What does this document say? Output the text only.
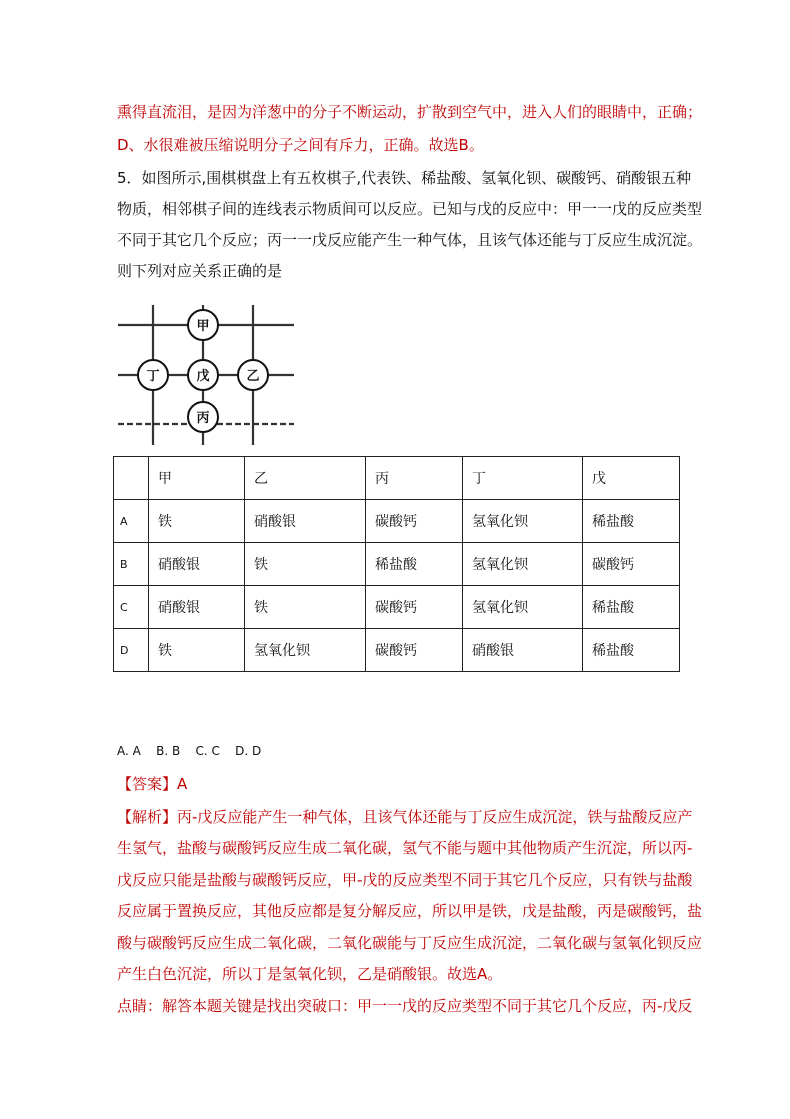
熏得直流泪，是因为洋葱中的分子不断运动，扩散到空气中，进入人们的眼睛中，正确；
D、水很难被压缩说明分子之间有斥力，正确。故选B。
5．如图所示,围棋棋盘上有五枚棋子,代表铁、稀盐酸、氢氧化钡、碳酸钙、硝酸银五种
物质，相邻棋子间的连线表示物质间可以反应。已知与戊的反应中：甲一一戊的反应类型
不同于其它几个反应；丙一一戊反应能产生一种气体，且该气体还能与丁反应生成沉淀。
则下列对应关系正确的是
甲
丁	戊	乙
丙
	甲	乙	丙	丁	戊
A	铁	硝酸银	碳酸钙	氢氧化钡	稀盐酸
B	硝酸银	铁	稀盐酸	氢氧化钡	碳酸钙
C	硝酸银	铁	碳酸钙	氢氧化钡	稀盐酸
D	铁	氢氧化钡	碳酸钙	硝酸银	稀盐酸
A. A    B. B    C. C    D. D
【答案】A
【解析】丙-戊反应能产生一种气体，且该气体还能与丁反应生成沉淀，铁与盐酸反应产
生氢气，盐酸与碳酸钙反应生成二氧化碳，氢气不能与题中其他物质产生沉淀，所以丙-
戊反应只能是盐酸与碳酸钙反应，甲-戊的反应类型不同于其它几个反应，只有铁与盐酸
反应属于置换反应，其他反应都是复分解反应，所以甲是铁，戊是盐酸，丙是碳酸钙，盐
酸与碳酸钙反应生成二氧化碳，二氧化碳能与丁反应生成沉淀，二氧化碳与氢氧化钡反应
产生白色沉淀，所以丁是氢氧化钡，乙是硝酸银。故选A。
点睛：解答本题关键是找出突破口：甲一一戊的反应类型不同于其它几个反应，丙-戊反
